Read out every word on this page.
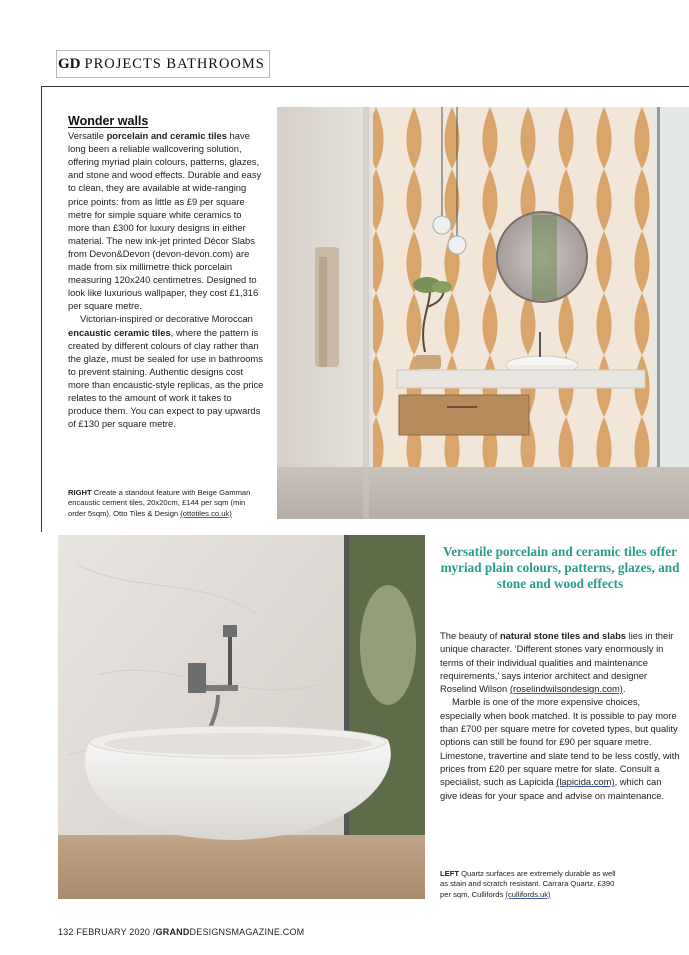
GD PROJECTS BATHROOMS
Wonder walls

Versatile porcelain and ceramic tiles have long been a reliable wallcovering solution, offering myriad plain colours, patterns, glazes, and stone and wood effects. Durable and easy to clean, they are available at wide-ranging price points: from as little as £9 per square metre for simple square white ceramics to more than £300 for luxury designs in either material. The new ink-jet printed Décor Slabs from Devon&Devon (devon-devon.com) are made from six millimetre thick porcelain measuring 120x240 centimetres. Designed to look like luxurious wallpaper, they cost £1,316 per square metre.

Victorian-inspired or decorative Moroccan encaustic ceramic tiles, where the pattern is created by different colours of clay rather than the glaze, must be sealed for use in bathrooms to prevent staining. Authentic designs cost more than encaustic-style replicas, as the price relates to the amount of work it takes to produce them. You can expect to pay upwards of £130 per square metre.

RIGHT Create a standout feature with Beige Gamman encaustic cement tiles, 20x20cm, £144 per sqm (min order 5sqm), Otto Tiles & Design (ottotiles.co.uk)
Versatile porcelain and ceramic tiles offer myriad plain colours, patterns, glazes, and stone and wood effects

The beauty of natural stone tiles and slabs lies in their unique character. ‘Different stones vary enormously in terms of their individual qualities and maintenance requirements,’ says interior architect and designer Roselind Wilson (roselindwilsondesign.com).

Marble is one of the more expensive choices, especially when book matched. It is possible to pay more than £700 per square metre for coveted types, but quality options can still be found for £90 per square metre. Limestone, travertine and slate tend to be less costly, with prices from £20 per square metre for slate. Consult a specialist, such as Lapicida (lapicida.com), which can give ideas for your space and advise on maintenance.

LEFT Quartz surfaces are extremely durable as well as stain and scratch resistant. Carrara Quartz, £390 per sqm, Cullifords (cullifords.uk)
132 FEBRUARY 2020 /GRANDDESIGNSMAGAZINE.COM
